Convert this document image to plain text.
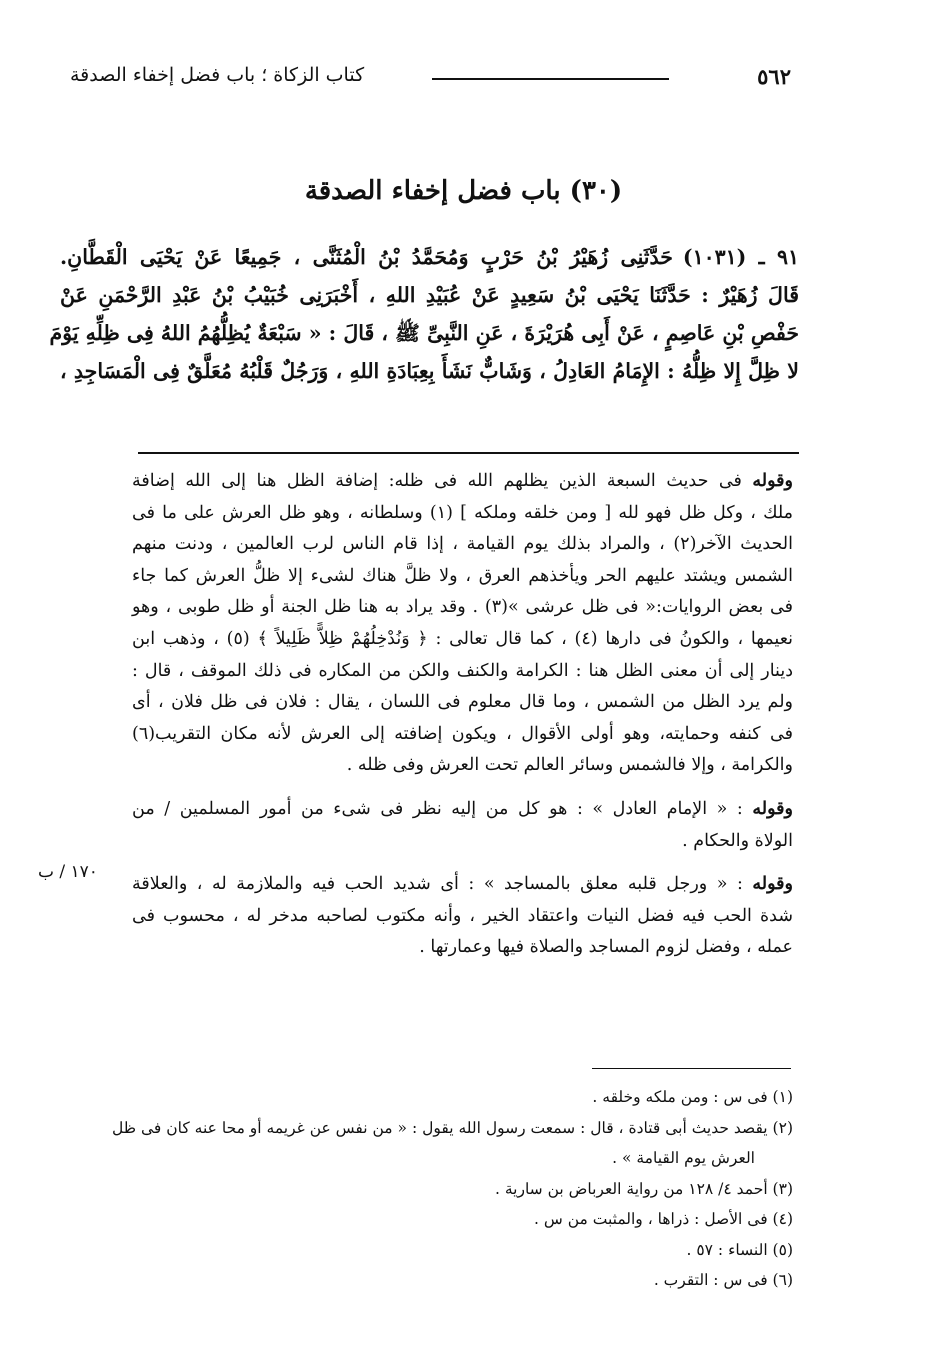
٥٦٢
كتاب الزكاة ؛ باب فضل إخفاء الصدقة
(٣٠) باب فضل إخفاء الصدقة

٩١ ـ (١٠٣١)حَدَّثَنِى زُهَيْرُ بْنُ حَرْبٍ وَمُحَمَّدُ بْنُ الْمُثَنَّى ، جَمِيعًا عَنْ يَحْيَى الْقَطَّانِ.

قَالَ زُهَيْرٌ : حَدَّثَنَا يَحْيَى بْنُ سَعِيدٍ عَنْ عُبَيْدِ اللهِ ، أَخْبَرَنِى خُبَيْبُ بْنُ عَبْدِ الرَّحْمَنِ عَنْ

حَفْصِ بْنِ عَاصِمٍ ، عَنْ أَبِى هُرَيْرَةَ ، عَنِ النَّبِىِّ ﷺ ، قَالَ : « سَبْعَةٌ يُظِلُّهُمُ اللهُ فِى ظِلِّهِ يَوْمَ

لا ظِلَّ إِلا ظِلُّهُ : الإِمَامُ العَادِلُ ، وَشَابٌّ نَشَأَ بِعِبَادَةِ اللهِ ، وَرَجُلٌ قَلْبُهُ مُعَلَّقٌ فِى الْمَسَاجِدِ ،

وقوله فى حديث السبعة الذين يظلهم الله فى ظله: إضافة الظل هنا إلى الله إضافة

ملك ، وكل ظل فهو لله [ ومن خلقه وملكه ] (١) وسلطانه ، وهو ظل العرش على ما فى

الحديث الآخر(٢) ، والمراد بذلك يوم القيامة ، إذا قام الناس لرب العالمين ، ودنت منهم

الشمس ويشتد عليهم الحر ويأخذهم العرق ، ولا ظلَّ هناك لشىء إلا ظلُّ العرش كما جاء

فى بعض الروايات:« فى ظل عرشى »(٣) . وقد يراد به هنا ظل الجنة أو ظل طوبى ، وهو

نعيمها ، والكونُ فى دارها (٤) ، كما قال تعالى : ﴿ وَنُدْخِلُهُمْ ظِلاًّ ظَلِيلاً ﴾ (٥) ، وذهب ابن

دينار إلى أن معنى الظل هنا : الكرامة والكنف والكن من المكاره فى ذلك الموقف ، قال :

ولم يرد الظل من الشمس ، وما قال معلوم فى اللسان ، يقال : فلان فى ظل فلان ، أى

فى كنفه وحمايته، وهو أولى الأقوال ، ويكون إضافته إلى العرش لأنه مكان التقريب(٦)

والكرامة ، وإلا فالشمس وسائر العالم تحت العرش وفى ظله .

وقوله : « الإمام العادل » : هو كل من إليه نظر فى شىء من أمور المسلمين / من

الولاة والحكام .

وقوله : « ورجل قلبه معلق بالمساجد » : أى شديد الحب فيه والملازمة له ، والعلاقة

شدة الحب فيه فضل النيات واعتقاد الخير ، وأنه مكتوب لصاحبه مدخر له ، محسوب فى

عمله ، وفضل لزوم المساجد والصلاة فيها وعمارتها .

١٧٠ / ب

(١) فى س : ومن ملكه وخلقه .

(٢) يقصد حديث أبى قتادة ، قال : سمعت رسول الله يقول : « من نفس عن غريمه أو محا عنه كان فى ظل

العرش يوم القيامة » .

(٣) أحمد ٤/ ١٢٨ من رواية العرباض بن سارية .

(٤) فى الأصل : ذراها ، والمثبت من س .

(٥) النساء : ٥٧ .

(٦) فى س : التقرب .
